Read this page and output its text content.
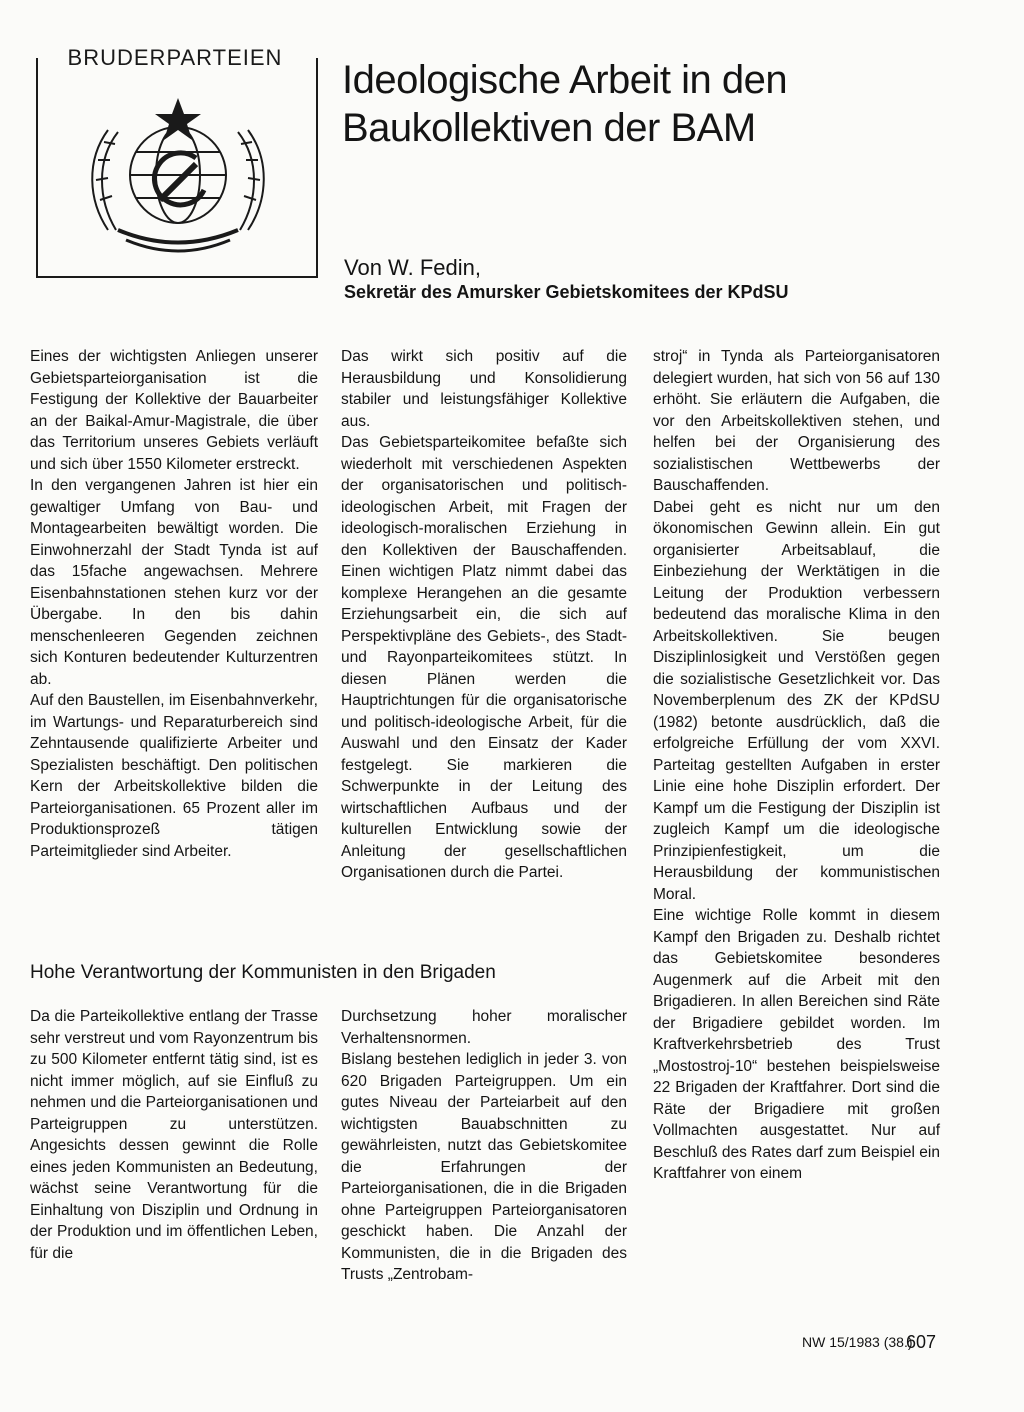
BRUDERPARTEIEN
Ideologische Arbeit in den Baukollektiven der BAM
Von W. Fedin,
Sekretär des Amursker Gebietskomitees der KPdSU

Eines der wichtigsten Anliegen unserer Gebietsparteiorganisation ist die Festigung der Kollektive der Bauarbeiter an der Baikal-Amur-Magistrale, die über das Territorium unseres Gebiets verläuft und sich über 1550 Kilometer erstreckt.

In den vergangenen Jahren ist hier ein gewaltiger Umfang von Bau- und Montagearbeiten bewältigt worden. Die Einwohnerzahl der Stadt Tynda ist auf das 15fache angewachsen. Mehrere Eisenbahnstationen stehen kurz vor der Übergabe. In den bis dahin menschenleeren Gegenden zeichnen sich Konturen bedeutender Kulturzentren ab.

Auf den Baustellen, im Eisenbahnverkehr, im Wartungs- und Reparaturbereich sind Zehntausende qualifizierte Arbeiter und Spezialisten beschäftigt. Den politischen Kern der Arbeitskollektive bilden die Parteiorganisationen. 65 Prozent aller im Produktionsprozeß tätigen Parteimitglieder sind Arbeiter.

Das wirkt sich positiv auf die Herausbildung und Konsolidierung stabiler und leistungsfähiger Kollektive aus.

Das Gebietsparteikomitee befaßte sich wiederholt mit verschiedenen Aspekten der organisatorischen und politisch-ideologischen Arbeit, mit Fragen der ideologisch-moralischen Erziehung in den Kollektiven der Bauschaffenden. Einen wichtigen Platz nimmt dabei das komplexe Herangehen an die gesamte Erziehungsarbeit ein, die sich auf Perspektivpläne des Gebiets-, des Stadt- und Rayonparteikomitees stützt. In diesen Plänen werden die Hauptrichtungen für die organisatorische und politisch-ideologische Arbeit, für die Auswahl und den Einsatz der Kader festgelegt. Sie markieren die Schwerpunkte in der Leitung des wirtschaftlichen Aufbaus und der kulturellen Entwicklung sowie der Anleitung der gesellschaftlichen Organisationen durch die Partei.

Hohe Verantwortung der Kommunisten in den Brigaden

Da die Parteikollektive entlang der Trasse sehr verstreut und vom Rayonzentrum bis zu 500 Kilometer entfernt tätig sind, ist es nicht immer möglich, auf sie Einfluß zu nehmen und die Parteiorganisationen und Parteigruppen zu unterstützen. Angesichts dessen gewinnt die Rolle eines jeden Kommunisten an Bedeutung, wächst seine Verantwortung für die Einhaltung von Disziplin und Ordnung in der Produktion und im öffentlichen Leben, für die

Durchsetzung hoher moralischer Verhaltensnormen.

Bislang bestehen lediglich in jeder 3. von 620 Brigaden Parteigruppen. Um ein gutes Niveau der Parteiarbeit auf den wichtigsten Bauabschnitten zu gewährleisten, nutzt das Gebietskomitee die Erfahrungen der Parteiorganisationen, die in die Brigaden ohne Parteigruppen Parteiorganisatoren geschickt haben. Die Anzahl der Kommunisten, die in die Brigaden des Trusts „Zentrobam-

stroj“ in Tynda als Parteiorganisatoren delegiert wurden, hat sich von 56 auf 130 erhöht. Sie erläutern die Aufgaben, die vor den Arbeitskollektiven stehen, und helfen bei der Organisierung des sozialistischen Wettbewerbs der Bauschaffenden.

Dabei geht es nicht nur um den ökonomischen Gewinn allein. Ein gut organisierter Arbeitsablauf, die Einbeziehung der Werktätigen in die Leitung der Produktion verbessern bedeutend das moralische Klima in den Arbeitskollektiven. Sie beugen Disziplinlosigkeit und Verstößen gegen die sozialistische Gesetzlichkeit vor. Das Novemberplenum des ZK der KPdSU (1982) betonte ausdrücklich, daß die erfolgreiche Erfüllung der vom XXVI. Parteitag gestellten Aufgaben in erster Linie eine hohe Disziplin erfordert. Der Kampf um die Festigung der Disziplin ist zugleich Kampf um die ideologische Prinzipienfestigkeit, um die Herausbildung der kommunistischen Moral.

Eine wichtige Rolle kommt in diesem Kampf den Brigaden zu. Deshalb richtet das Gebietskomitee besonderes Augenmerk auf die Arbeit mit den Brigadieren. In allen Bereichen sind Räte der Brigadiere gebildet worden. Im Kraftverkehrsbetrieb des Trust „Mostostroj-10“ bestehen beispielsweise 22 Brigaden der Kraftfahrer. Dort sind die Räte der Brigadiere mit großen Vollmachten ausgestattet. Nur auf Beschluß des Rates darf zum Beispiel ein Kraftfahrer von einem

NW 15/1983 (38.)
607
